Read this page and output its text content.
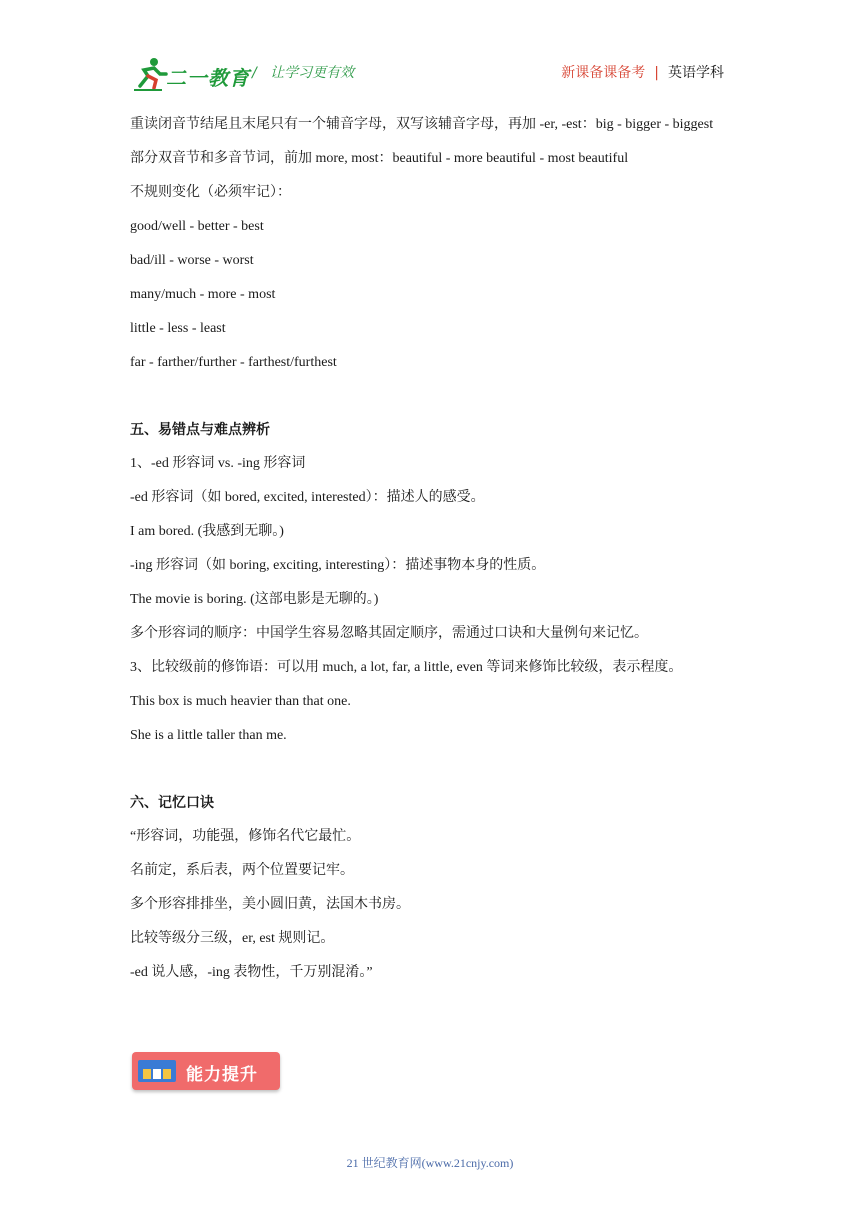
二一教育 / 让学习更有效	新课备课备考 | 英语学科
重读闭音节结尾且末尾只有一个辅音字母，双写该辅音字母，再加 -er, -est：big - bigger - biggest
部分双音节和多音节词，前加 more, most：beautiful - more beautiful - most beautiful
不规则变化（必须牢记）：
good/well - better - best
bad/ill - worse - worst
many/much - more - most
little - less - least
far - farther/further - farthest/furthest
五、易错点与难点辨析
1、-ed 形容词 vs. -ing 形容词
-ed 形容词（如 bored, excited, interested）：描述人的感受。
I am bored. (我感到无聊。)
-ing 形容词（如 boring, exciting, interesting）：描述事物本身的性质。
The movie is boring. (这部电影是无聊的。)
多个形容词的顺序：中国学生容易忽略其固定顺序，需通过口诀和大量例句来记忆。
3、比较级前的修饰语：可以用 much, a lot, far, a little, even 等词来修饰比较级，表示程度。
This box is much heavier than that one.
She is a little taller than me.
六、记忆口诀
“形容词，功能强，修饰名代它最忙。
名前定，系后表，两个位置要记牢。
多个形容排排坐，美小圆旧黄，法国木书房。
比较等级分三级，er, est 规则记。
-ed 说人感，-ing 表物性，千万别混淆。”
能力提升
21 世纪教育网(www.21cnjy.com)
